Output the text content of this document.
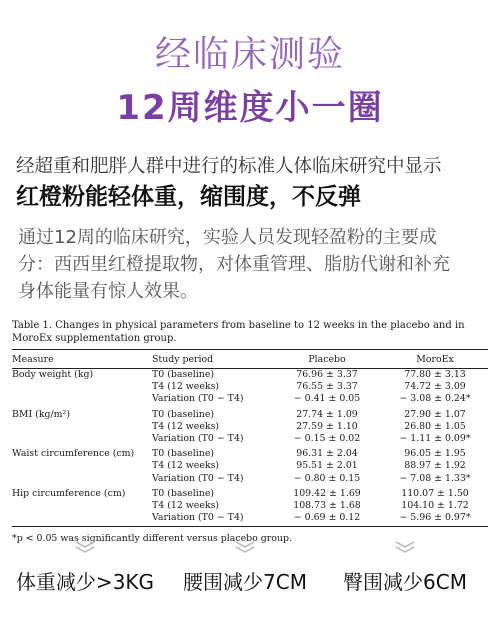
经临床测验
12周维度小一圈
经超重和肥胖人群中进行的标准人体临床研究中显示
红橙粉能轻体重，缩围度，不反弹
通过12周的临床研究，实验人员发现轻盈粉的主要成
分：西西里红橙提取物，对体重管理、脂肪代谢和补充
身体能量有惊人效果。
Table 1. Changes in physical parameters from baseline to 12 weeks in the placebo and in MoroEx supplementation group.
Measure	Study period	Placebo	MoroEx
Body weight (kg)	T0 (baseline)	76.96 ± 3.37	77.80 ± 3.13
	T4 (12 weeks)	76.55 ± 3.37	74.72 ± 3.09
	Variation (T0 − T4)	− 0.41 ± 0.05	− 3.08 ± 0.24*
BMI (kg/m²)	T0 (baseline)	27.74 ± 1.09	27.90 ± 1.07
	T4 (12 weeks)	27.59 ± 1.10	26.80 ± 1.05
	Variation (T0 − T4)	− 0.15 ± 0.02	− 1.11 ± 0.09*
Waist circumference (cm)	T0 (baseline)	96.31 ± 2.04	96.05 ± 1.95
	T4 (12 weeks)	95.51 ± 2.01	88.97 ± 1.92
	Variation (T0 − T4)	− 0.80 ± 0.15	− 7.08 ± 1.33*
Hip circumference (cm)	T0 (baseline)	109.42 ± 1.69	110.07 ± 1.50
	T4 (12 weeks)	108.73 ± 1.68	104.10 ± 1.72
	Variation (T0 − T4)	− 0.69 ± 0.12	− 5.96 ± 0.97*
*p < 0.05 was significantly different versus placebo group.
体重减少>3KG	腰围减少7CM	臀围减少6CM
